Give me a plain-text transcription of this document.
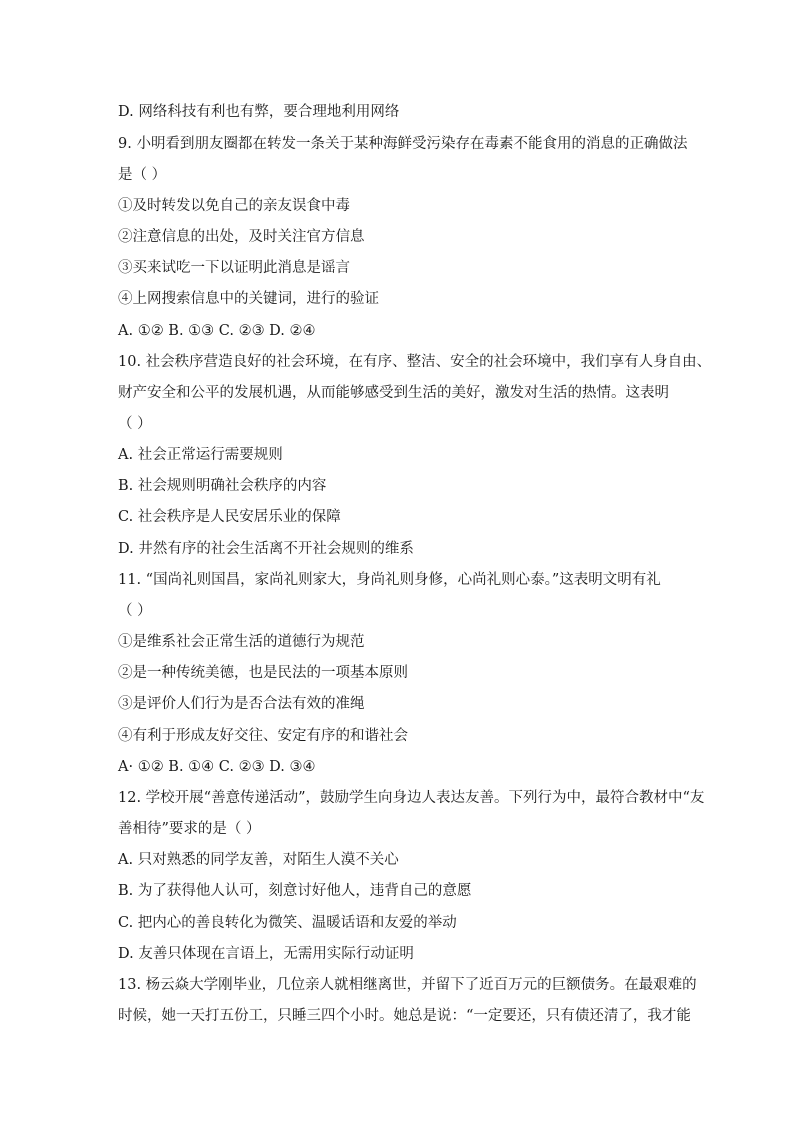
D. 网络科技有利也有弊，要合理地利用网络
9. 小明看到朋友圈都在转发一条关于某种海鲜受污染存在毒素不能食用的消息的正确做法
是（ ）
①及时转发以免自己的亲友误食中毒
②注意信息的出处，及时关注官方信息
③买来试吃一下以证明此消息是谣言
④上网搜索信息中的关键词，进行的验证
A. ①② B. ①③ C. ②③ D. ②④
10. 社会秩序营造良好的社会环境，在有序、整洁、安全的社会环境中，我们享有人身自由、
财产安全和公平的发展机遇，从而能够感受到生活的美好，激发对生活的热情。这表明
（ ）
A. 社会正常运行需要规则
B. 社会规则明确社会秩序的内容
C. 社会秩序是人民安居乐业的保障
D. 井然有序的社会生活离不开社会规则的维系
11. “国尚礼则国昌，家尚礼则家大，身尚礼则身修，心尚礼则心泰。”这表明文明有礼
（ ）
①是维系社会正常生活的道德行为规范
②是一种传统美德，也是民法的一项基本原则
③是评价人们行为是否合法有效的准绳
④有利于形成友好交往、安定有序的和谐社会
A· ①② B. ①④ C. ②③ D. ③④
12. 学校开展“善意传递活动”，鼓励学生向身边人表达友善。下列行为中，最符合教材中“友
善相待”要求的是（ ）
A. 只对熟悉的同学友善，对陌生人漠不关心
B. 为了获得他人认可，刻意讨好他人，违背自己的意愿
C. 把内心的善良转化为微笑、温暖话语和友爱的举动
D. 友善只体现在言语上，无需用实际行动证明
13. 杨云焱大学刚毕业，几位亲人就相继离世，并留下了近百万元的巨额债务。在最艰难的
时候，她一天打五份工，只睡三四个小时。她总是说：“一定要还，只有债还清了，我才能
